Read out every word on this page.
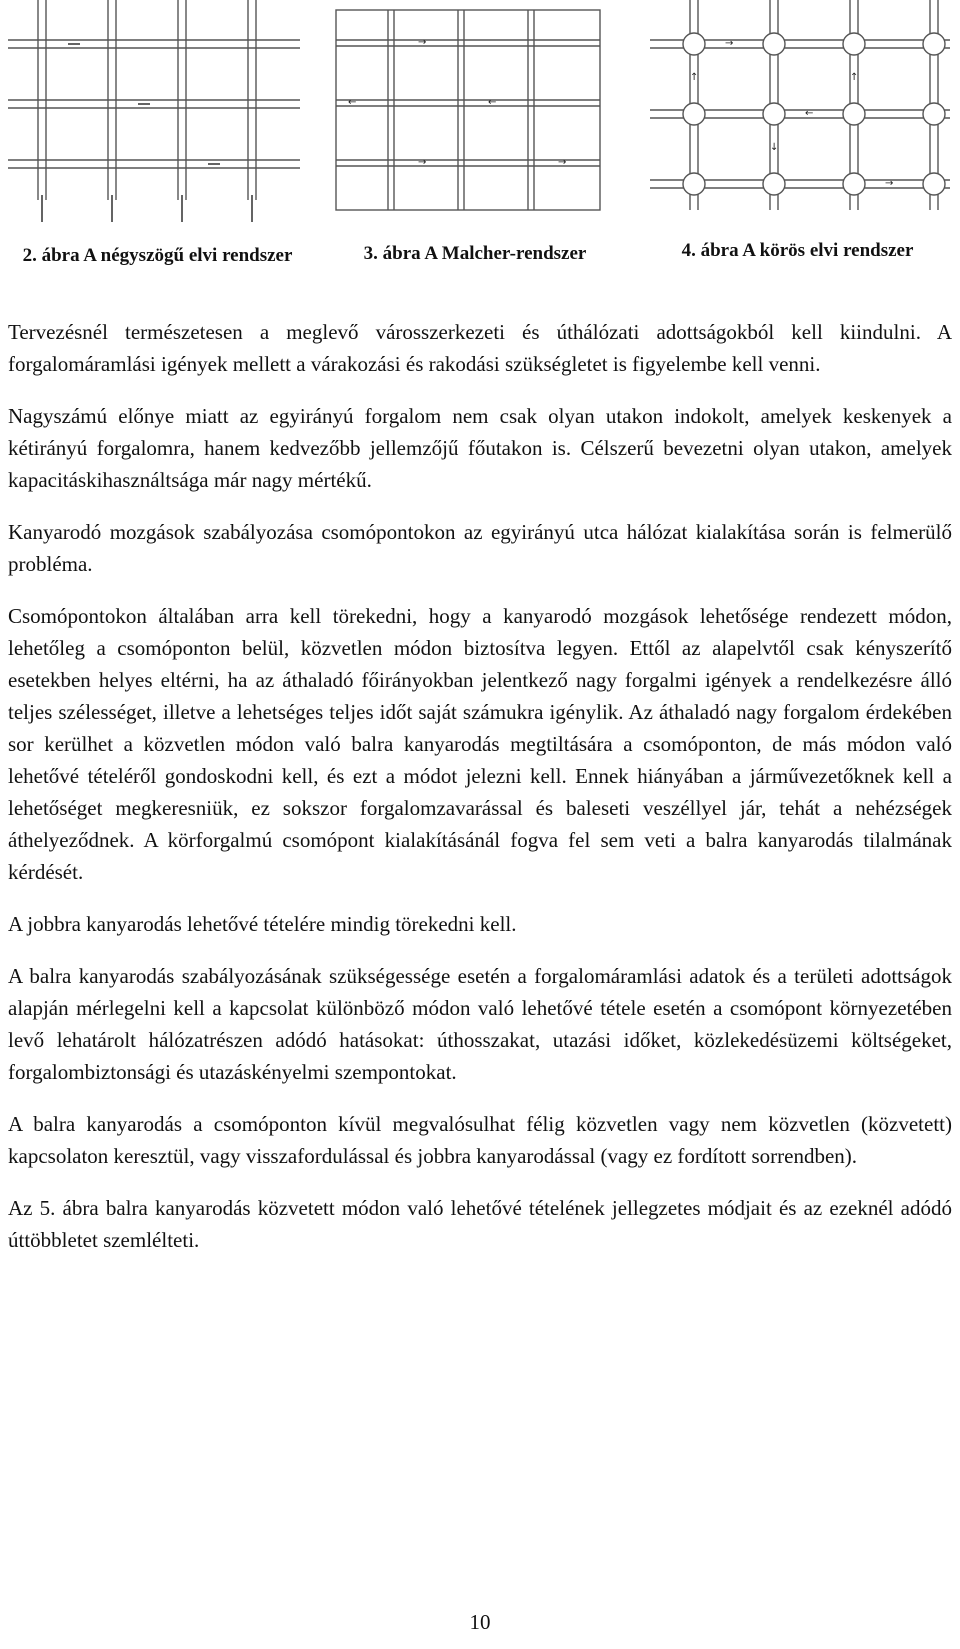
→
←
→
←
→
→
←
→
↑
↓
↑
2. ábra A négyszögű elvi rendszer	3. ábra A Malcher-rendszer	4. ábra A körös elvi rendszer

Tervezésnél természetesen a meglevő városszerkezeti és úthálózati adottságokból kell kiindulni. A forgalomáramlási igények mellett a várakozási és rakodási szükségletet is figyelembe kell venni.

Nagyszámú előnye miatt az egyirányú forgalom nem csak olyan utakon indokolt, amelyek keskenyek a kétirányú forgalomra, hanem kedvezőbb jellemzőjű főutakon is. Célszerű bevezetni olyan utakon, amelyek kapacitáskihasználtsága már nagy mértékű.

Kanyarodó mozgások szabályozása csomópontokon az egyirányú utca hálózat kialakítása során is felmerülő probléma.

Csomópontokon általában arra kell törekedni, hogy a kanyarodó mozgások lehetősége rendezett módon, lehetőleg a csomóponton belül, közvetlen módon biztosítva legyen. Ettől az alapelvtől csak kényszerítő esetekben helyes eltérni, ha az áthaladó főirányokban jelentkező nagy forgalmi igények a rendelkezésre álló teljes szélességet, illetve a lehetséges teljes időt saját számukra igénylik. Az áthaladó nagy forgalom érdekében sor kerülhet a közvetlen módon való balra kanyarodás megtiltására a csomóponton, de más módon való lehetővé tételéről gondoskodni kell, és ezt a módot jelezni kell. Ennek hiányában a járművezetőknek kell a lehetőséget megkeresniük, ez sokszor forgalomzavarással és baleseti veszéllyel jár, tehát a nehézségek áthelyeződnek. A körforgalmú csomópont kialakításánál fogva fel sem veti a balra kanyarodás tilalmának kérdését.

A jobbra kanyarodás lehetővé tételére mindig törekedni kell.

A balra kanyarodás szabályozásának szükségessége esetén a forgalomáramlási adatok és a területi adottságok alapján mérlegelni kell a kapcsolat különböző módon való lehetővé tétele esetén a csomópont környezetében levő lehatárolt hálózatrészen adódó hatásokat: úthosszakat, utazási időket, közlekedésüzemi költségeket, forgalombiztonsági és utazáskényelmi szempontokat.

A balra kanyarodás a csomóponton kívül megvalósulhat félig közvetlen vagy nem közvetlen (közvetett) kapcsolaton keresztül, vagy visszafordulással és jobbra kanyarodással (vagy ez fordított sorrendben).

Az 5. ábra balra kanyarodás közvetett módon való lehetővé tételének jellegzetes módjait és az ezeknél adódó úttöbbletet szemlélteti.

10
